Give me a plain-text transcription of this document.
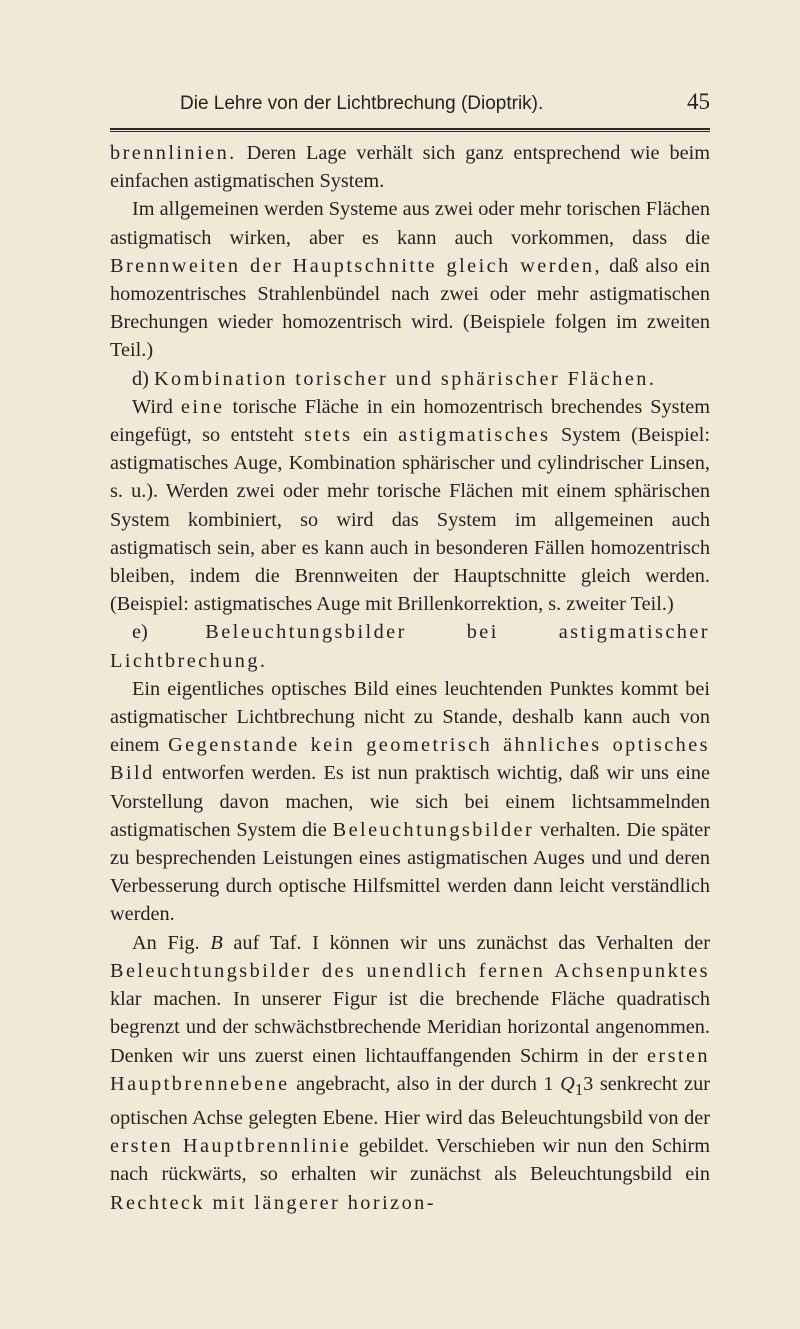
Die Lehre von der Lichtbrechung (Dioptrik).	45

brennlinien. Deren Lage verhält sich ganz entsprechend wie beim einfachen astigmatischen System.

Im allgemeinen werden Systeme aus zwei oder mehr torischen Flächen astigmatisch wirken, aber es kann auch vorkommen, dass die Brennweiten der Hauptschnitte gleich werden, daß also ein homozentrisches Strahlenbündel nach zwei oder mehr astigmatischen Brechungen wieder homozentrisch wird. (Beispiele folgen im zweiten Teil.)

d) Kombination torischer und sphärischer Flächen.

Wird eine torische Fläche in ein homozentrisch brechendes System eingefügt, so entsteht stets ein astigmatisches System (Beispiel: astigmatisches Auge, Kombination sphärischer und cylindrischer Linsen, s. u.). Werden zwei oder mehr torische Flächen mit einem sphärischen System kombiniert, so wird das System im allgemeinen auch astigmatisch sein, aber es kann auch in besonderen Fällen homozentrisch bleiben, indem die Brennweiten der Hauptschnitte gleich werden. (Beispiel: astigmatisches Auge mit Brillenkorrektion, s. zweiter Teil.)

e) Beleuchtungsbilder bei astigmatischer Lichtbrechung.

Ein eigentliches optisches Bild eines leuchtenden Punktes kommt bei astigmatischer Lichtbrechung nicht zu Stande, deshalb kann auch von einem Gegenstande kein geometrisch ähnliches optisches Bild entworfen werden. Es ist nun praktisch wichtig, daß wir uns eine Vorstellung davon machen, wie sich bei einem lichtsammelnden astigmatischen System die Beleuchtungsbilder verhalten. Die später zu besprechenden Leistungen eines astigmatischen Auges und und deren Verbesserung durch optische Hilfsmittel werden dann leicht verständlich werden.

An Fig. B auf Taf. I können wir uns zunächst das Verhalten der Beleuchtungsbilder des unendlich fernen Achsenpunktes klar machen. In unserer Figur ist die brechende Fläche quadratisch begrenzt und der schwächstbrechende Meridian horizontal angenommen. Denken wir uns zuerst einen lichtauffangenden Schirm in der ersten Hauptbrennebene angebracht, also in der durch 1 $Q_13$ senkrecht zur optischen Achse gelegten Ebene. Hier wird das Beleuchtungsbild von der ersten Hauptbrennlinie gebildet. Verschieben wir nun den Schirm nach rückwärts, so erhalten wir zunächst als Beleuchtungsbild ein Rechteck mit längerer horizon-
